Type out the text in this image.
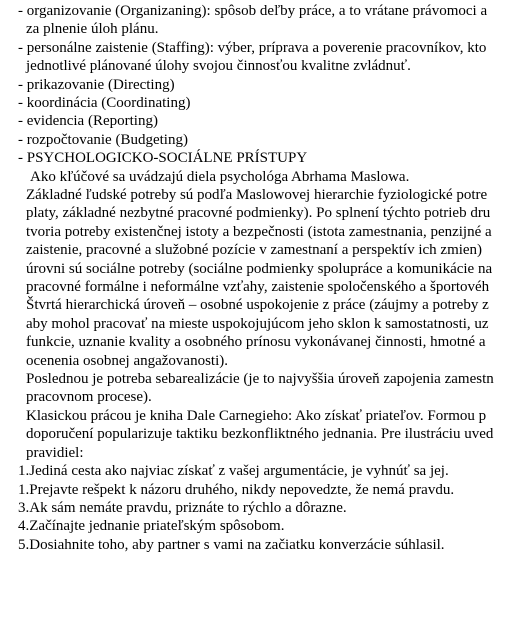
- organizovanie (Organizaning): spôsob deľby práce, a to vrátane právomoci a
za plnenie úloh plánu.
- personálne zaistenie (Staffing): výber, príprava a poverenie pracovníkov, kto
jednotlivé plánované úlohy svojou činnosťou kvalitne zvládnuť.
- prikazovanie (Directing)
- koordinácia (Coordinating)
- evidencia (Reporting)
- rozpočtovanie (Budgeting)
- PSYCHOLOGICKO-SOCIÁLNE PRÍSTUPY
Ako kľúčové sa uvádzajú diela psychológa Abrhama Maslowa.
Základné ľudské potreby sú podľa Maslowovej hierarchie fyziologické potre
platy, základné nezbytné pracovné podmienky). Po splnení týchto potrieb dru
tvoria potreby existenčnej istoty a bezpečnosti (istota zamestnania, penzijné a
zaistenie, pracovné a služobné pozície v zamestnaní a perspektív ich zmien)
úrovni sú sociálne potreby (sociálne podmienky spolupráce a komunikácie na
pracovné formálne i neformálne vzťahy, zaistenie spoločenského a športovéh
Štvrtá hierarchická úroveň – osobné uspokojenie z práce (záujmy a potreby z
aby mohol pracovať na mieste uspokojujúcom jeho sklon k samostatnosti, uz
funkcie, uznanie kvality a osobného prínosu vykonávanej činnosti, hmotné a
ocenenia osobnej angažovanosti).
Poslednou je potreba sebarealizácie (je to najvyššia úroveň zapojenia zamestn
pracovnom procese).
Klasickou prácou je kniha Dale Carnegieho: Ako získať priateľov. Formou p
doporučení popularizuje taktiku bezkonfliktného jednania. Pre ilustráciu uved
pravidiel:
1.Jediná cesta ako najviac získať z vašej argumentácie, je vyhnúť sa jej.
1.Prejavte rešpekt k názoru druhého, nikdy nepovedzte, že nemá pravdu.
3.Ak sám nemáte pravdu, priznáte to rýchlo a dôrazne.
4.Začínajte jednanie priateľským spôsobom.
5.Dosiahnite toho, aby partner s vami na začiatku konverzácie súhlasil.
